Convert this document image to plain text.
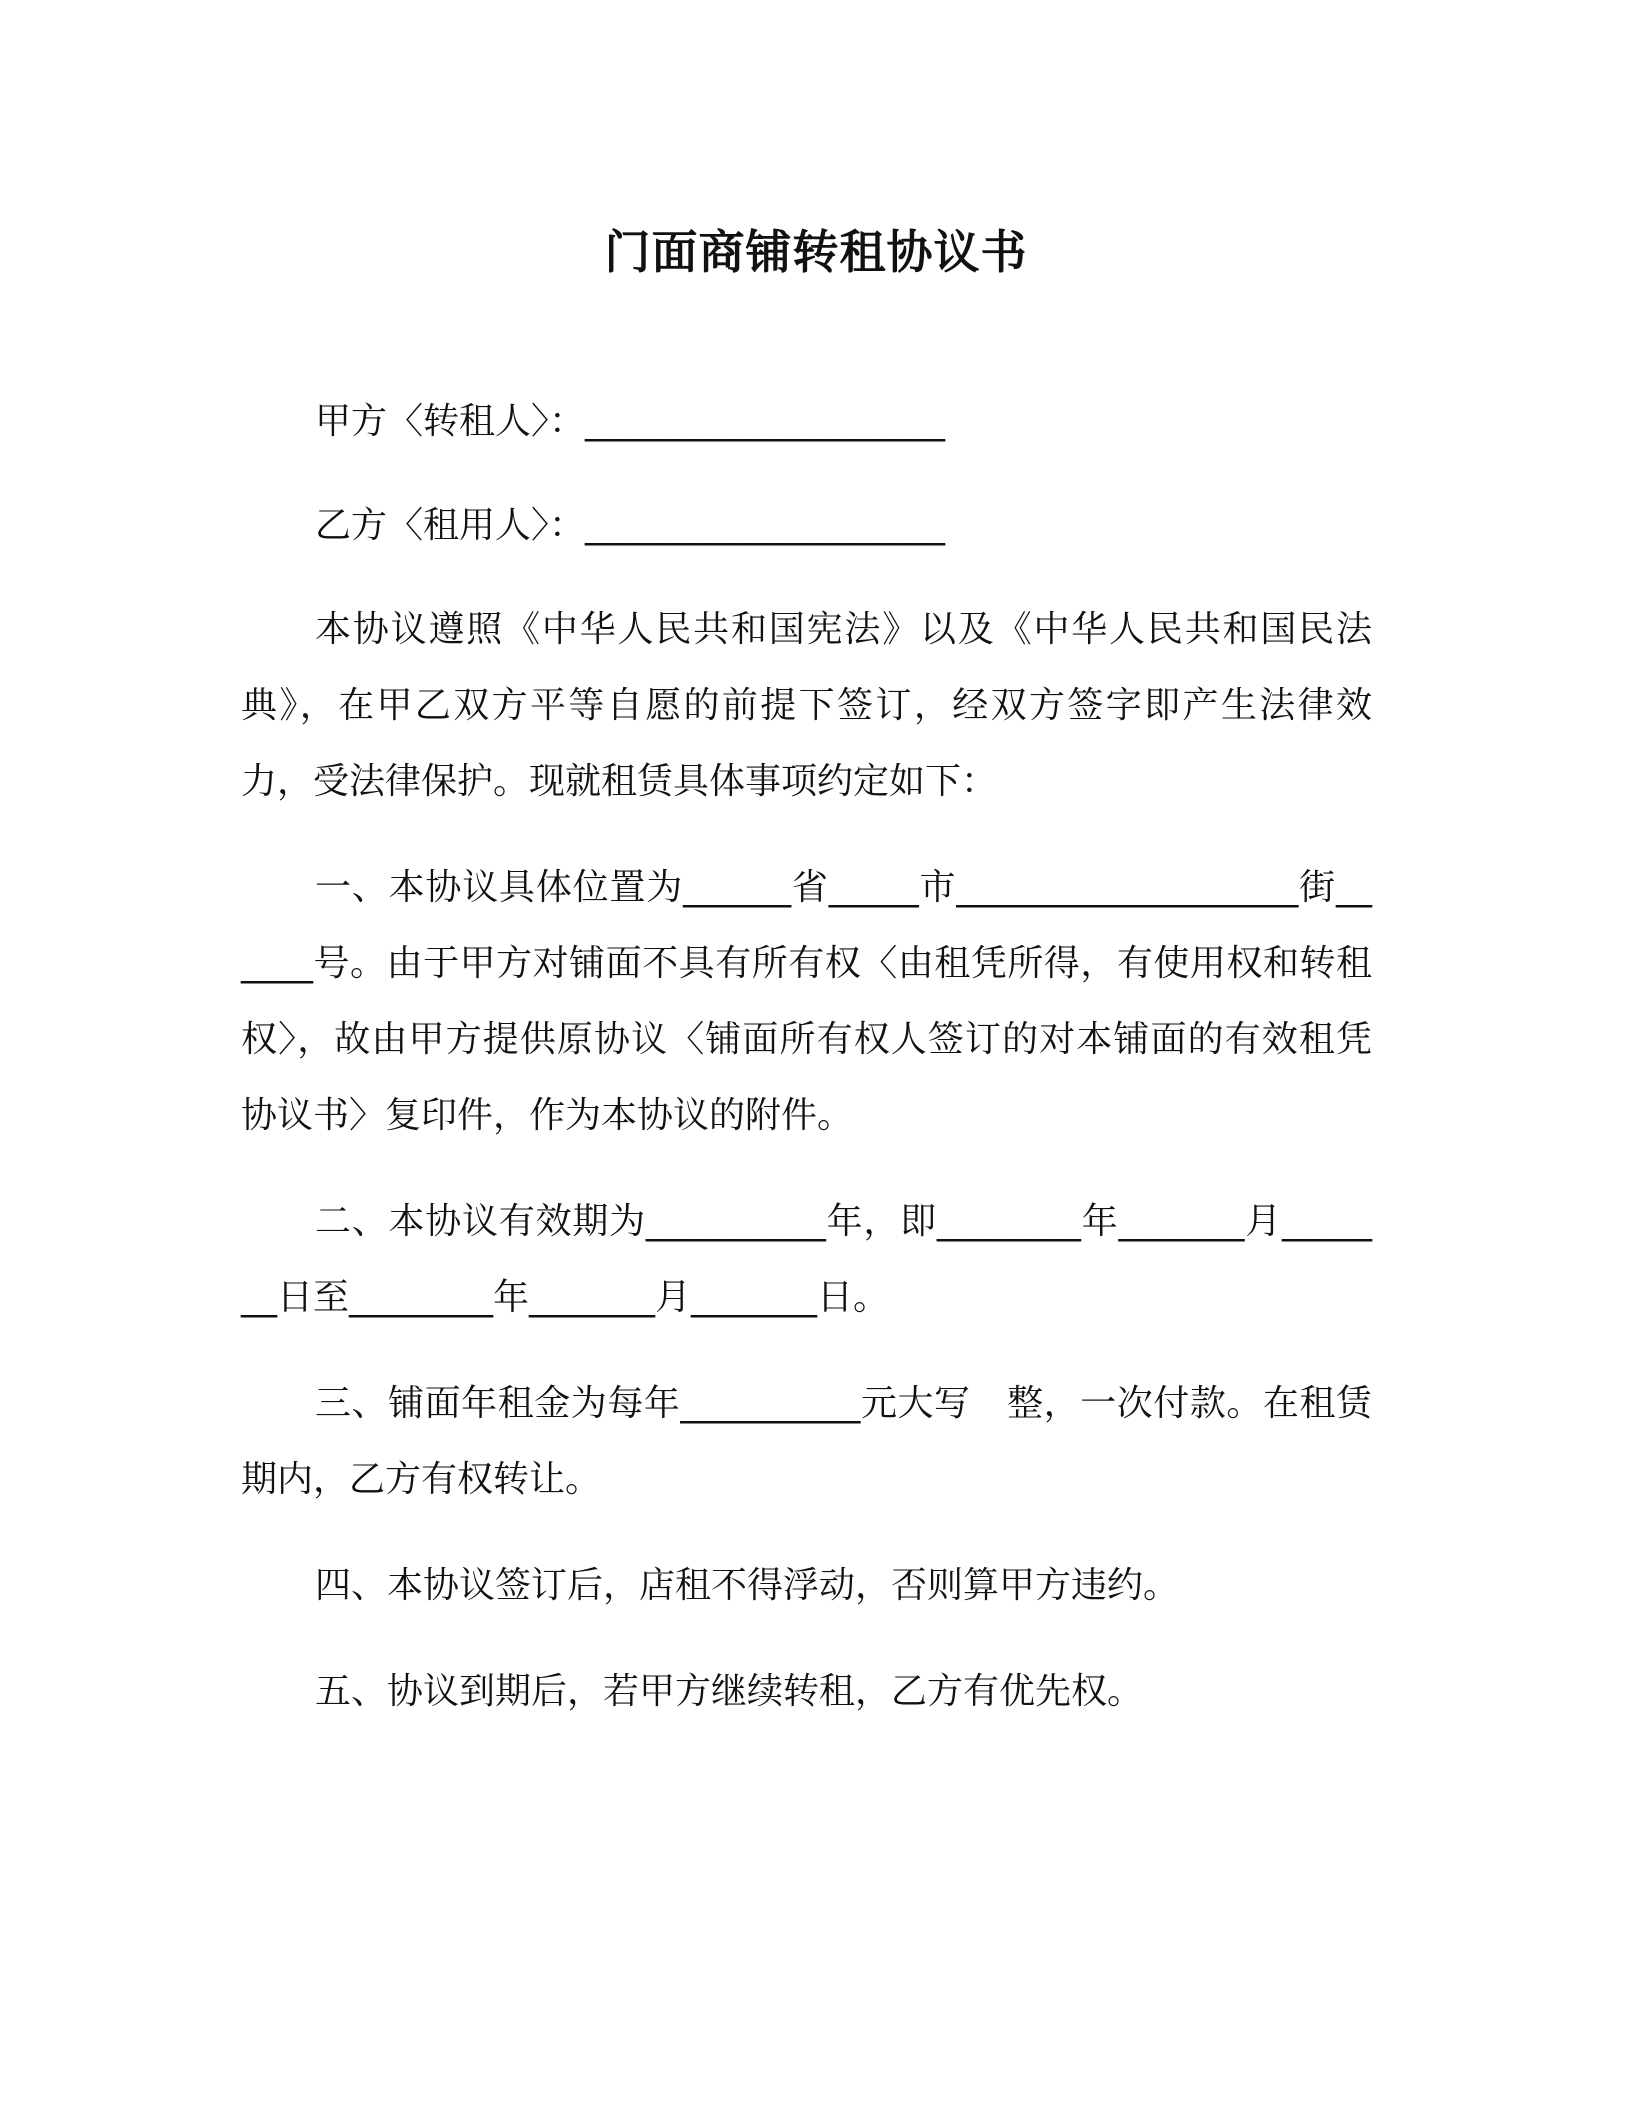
门面商铺转租协议书
甲方〈转租人〉：____________________
乙方〈租用人〉：____________________

本协议遵照《中华人民共和国宪法》以及《中华人民共和国民法典》，在甲乙双方平等自愿的前提下签订，经双方签字即产生法律效力，受法律保护。现就租赁具体事项约定如下：

一、本协议具体位置为______省_____市___________________街______号。由于甲方对铺面不具有所有权〈由租凭所得，有使用权和转租权〉，故由甲方提供原协议〈铺面所有权人签订的对本铺面的有效租凭协议书〉复印件，作为本协议的附件。

二、本协议有效期为__________年，即________年_______月_______日至________年_______月_______日。

三、铺面年租金为每年__________元大写　整，一次付款。在租赁期内，乙方有权转让。

四、本协议签订后，店租不得浮动，否则算甲方违约。

五、协议到期后，若甲方继续转租，乙方有优先权。
